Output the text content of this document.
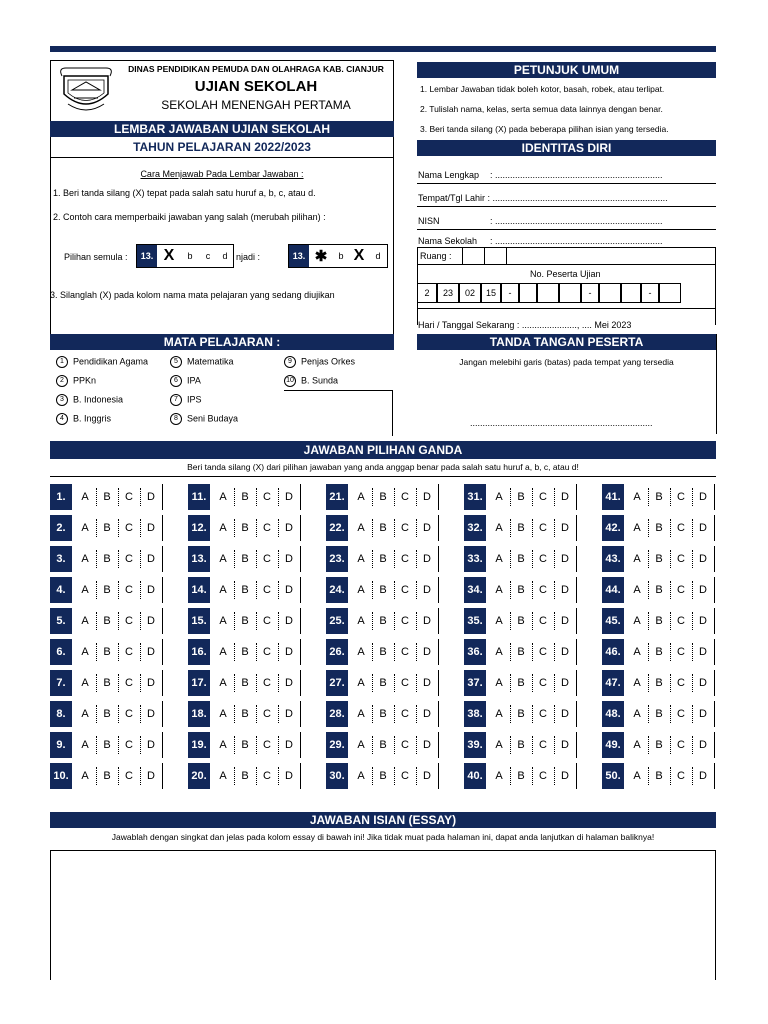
DINAS PENDIDIKAN PEMUDA DAN OLAHRAGA KAB. CIANJUR
UJIAN SEKOLAH
SEKOLAH MENENGAH PERTAMA
LEMBAR JAWABAN UJIAN SEKOLAH
TAHUN PELAJARAN 2022/2023
Cara Menjawab Pada Lembar Jawaban :
1. Beri tanda silang (X) tepat pada salah satu huruf a, b, c, atau d.
2. Contoh cara memperbaiki jawaban yang salah (merubah pilihan) :
Pilihan semula :	13. X	b	c	d njadi :	13. ✱	b X	d
3. Silanglah (X) pada kolom nama mata pelajaran yang sedang diujikan
MATA PELAJARAN :
1 Pendidikan Agama
2 PPKn
3 B. Indonesia
4 B. Inggris
5 Matematika
6 IPA
7 IPS
8 Seni Budaya
9 Penjas Orkes
10 B. Sunda
PETUNJUK UMUM
1. Lembar Jawaban tidak boleh kotor, basah, robek, atau terlipat.
2. Tulislah nama, kelas, serta semua data lainnya dengan benar.
3. Beri tanda silang (X) pada beberapa pilihan isian yang tersedia.
IDENTITAS DIRI
Nama Lengkap : ...................................................................
Tempat/Tgl Lahir : ......................................................................
NISN	: ...................................................................
Nama Sekolah : ...................................................................
Ruang :
No. Peserta Ujian
2	23	02	15	-	-	-
Hari / Tanggal Sekarang : ......................, .... Mei 2023
TANDA TANGAN PESERTA
Jangan melebihi garis (batas) pada tempat yang tersedia
.........................................................................
JAWABAN PILIHAN GANDA
Beri tanda silang (X) dari pilihan jawaban yang anda anggap benar pada salah satu huruf a, b, c, atau d!
1.	A	B	C	D
2.	A	B	C	D
3.	A	B	C	D
4.	A	B	C	D
5.	A	B	C	D
6.	A	B	C	D
7.	A	B	C	D
8.	A	B	C	D
9.	A	B	C	D
10.	A	B	C	D
11.	A	B	C	D
12.	A	B	C	D
13.	A	B	C	D
14.	A	B	C	D
15.	A	B	C	D
16.	A	B	C	D
17.	A	B	C	D
18.	A	B	C	D
19.	A	B	C	D
20.	A	B	C	D
21.	A	B	C	D
22.	A	B	C	D
23.	A	B	C	D
24.	A	B	C	D
25.	A	B	C	D
26.	A	B	C	D
27.	A	B	C	D
28.	A	B	C	D
29.	A	B	C	D
30.	A	B	C	D
31.	A	B	C	D
32.	A	B	C	D
33.	A	B	C	D
34.	A	B	C	D
35.	A	B	C	D
36.	A	B	C	D
37.	A	B	C	D
38.	A	B	C	D
39.	A	B	C	D
40.	A	B	C	D
41.	A	B	C	D
42.	A	B	C	D
43.	A	B	C	D
44.	A	B	C	D
45.	A	B	C	D
46.	A	B	C	D
47.	A	B	C	D
48.	A	B	C	D
49.	A	B	C	D
50.	A	B	C	D
JAWABAN ISIAN (ESSAY)
Jawablah dengan singkat dan jelas pada kolom essay di bawah ini! Jika tidak muat pada halaman ini, dapat anda lanjutkan di halaman baliknya!
